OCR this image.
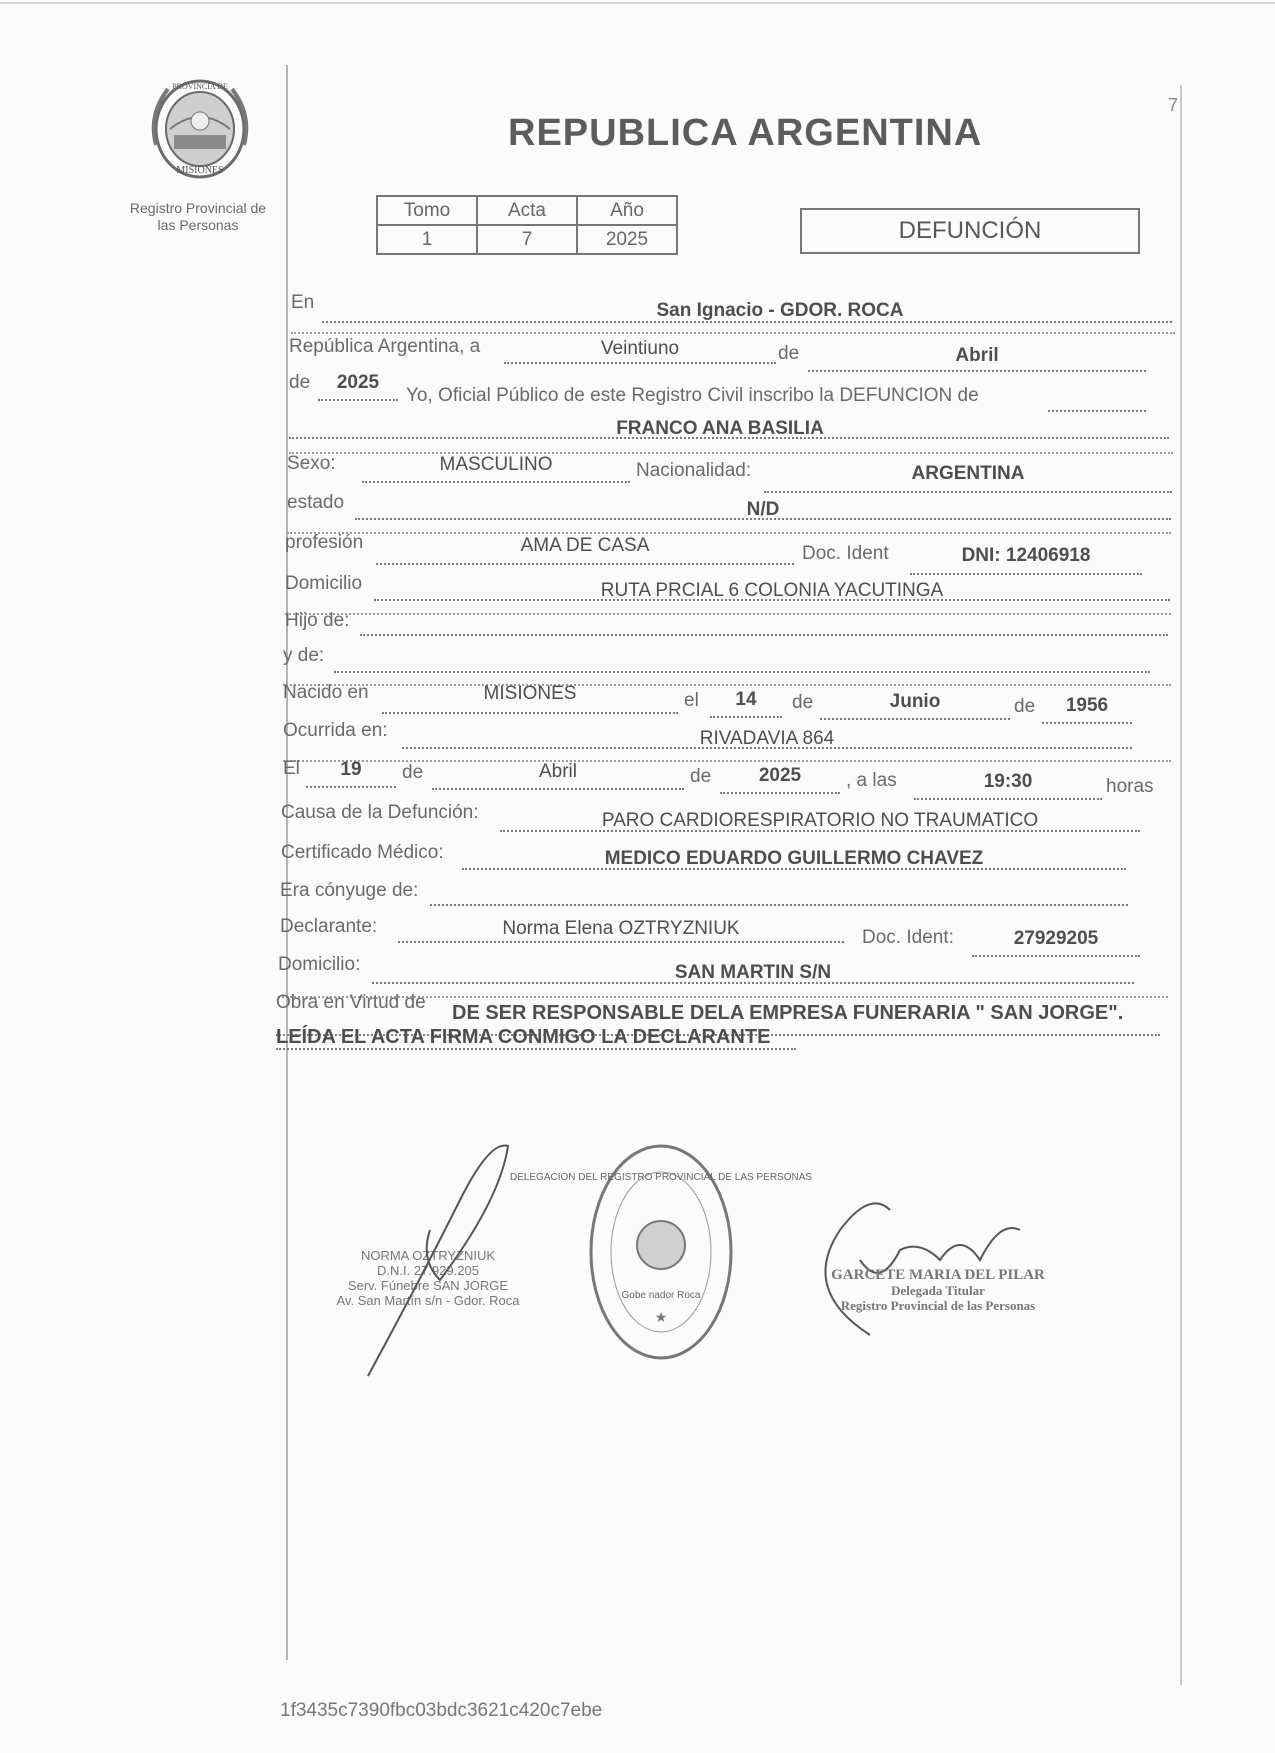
PROVINCIA DE
MISIONES
Registro Provincial de
las Personas
7
REPUBLICA ARGENTINA
Tomo	Acta	Año
1	7	2025	DEFUNCIÓN
En	San Ignacio - GDOR. ROCA
República Argentina, a	Veintiuno	de	Abril
de	2025
Yo, Oficial Público de este Registro Civil inscribo la DEFUNCION de
FRANCO ANA BASILIA
Sexo:	MASCULINO	Nacionalidad:	ARGENTINA
estado	N/D
profesión	AMA DE CASA	Doc. Ident	DNI: 12406918
Domicilio	RUTA PRCIAL 6 COLONIA YACUTINGA
Hijo de:
y de:
Nacido en	MISIONES	el	14	de	Junio	de	1956
Ocurrida en:	RIVADAVIA 864
El	19	de	Abril	de	2025	, a las	19:30	horas
Causa de la Defunción:	PARO CARDIORESPIRATORIO NO TRAUMATICO
Certificado Médico:	MEDICO EDUARDO GUILLERMO CHAVEZ
Era cónyuge de:
Declarante:	Norma Elena OZTRYZNIUK	Doc. Ident:	27929205
Domicilio:	SAN MARTIN S/N
Obra en Virtud de DE SER RESPONSABLE DELA EMPRESA FUNERARIA " SAN JORGE".
LEÍDA EL ACTA FIRMA CONMIGO LA DECLARANTE
NORMA OZTRYZNIUK
D.N.I. 27.929.205
Serv. Fúnebre SAN JORGE
Av. San Martín s/n - Gdor. Roca
★
DELEGACION DEL REGISTRO PROVINCIAL DE LAS PERSONAS
Gobe nador Roca
GARCETE MARIA DEL PILAR
Delegada Titular
Registro Provincial de las Personas
1f3435c7390fbc03bdc3621c420c7ebe
